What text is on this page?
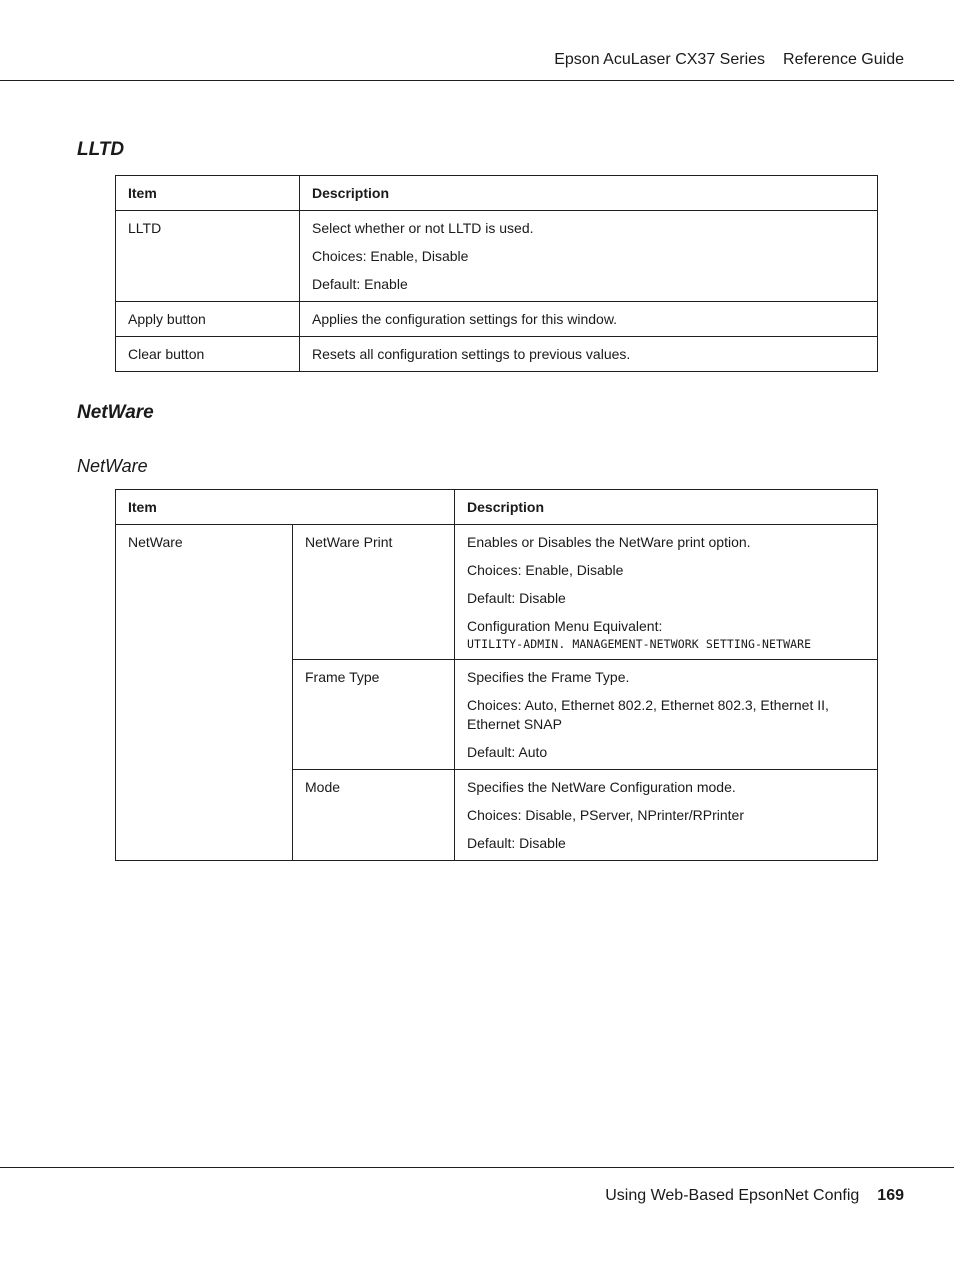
Epson AcuLaser CX37 Series Reference Guide
LLTD
Item	Description
LLTD	Select whether or not LLTD is used.

Choices: Enable, Disable

Default: Enable

Apply button	Applies the configuration settings for this window.

Clear button	Resets all configuration settings to previous values.

NetWare
NetWare
Item		Description
NetWare	NetWare Print	Enables or Disables the NetWare print option.

Choices: Enable, Disable

Default: Disable

Configuration Menu Equivalent:
UTILITY-ADMIN. MANAGEMENT-NETWORK SETTING-NETWARE

	Frame Type	Specifies the Frame Type.

Choices: Auto, Ethernet 802.2, Ethernet 802.3, Ethernet II, Ethernet SNAP

Default: Auto

	Mode	Specifies the NetWare Configuration mode.

Choices: Disable, PServer, NPrinter/RPrinter

Default: Disable

Using Web-Based EpsonNet Config 169
